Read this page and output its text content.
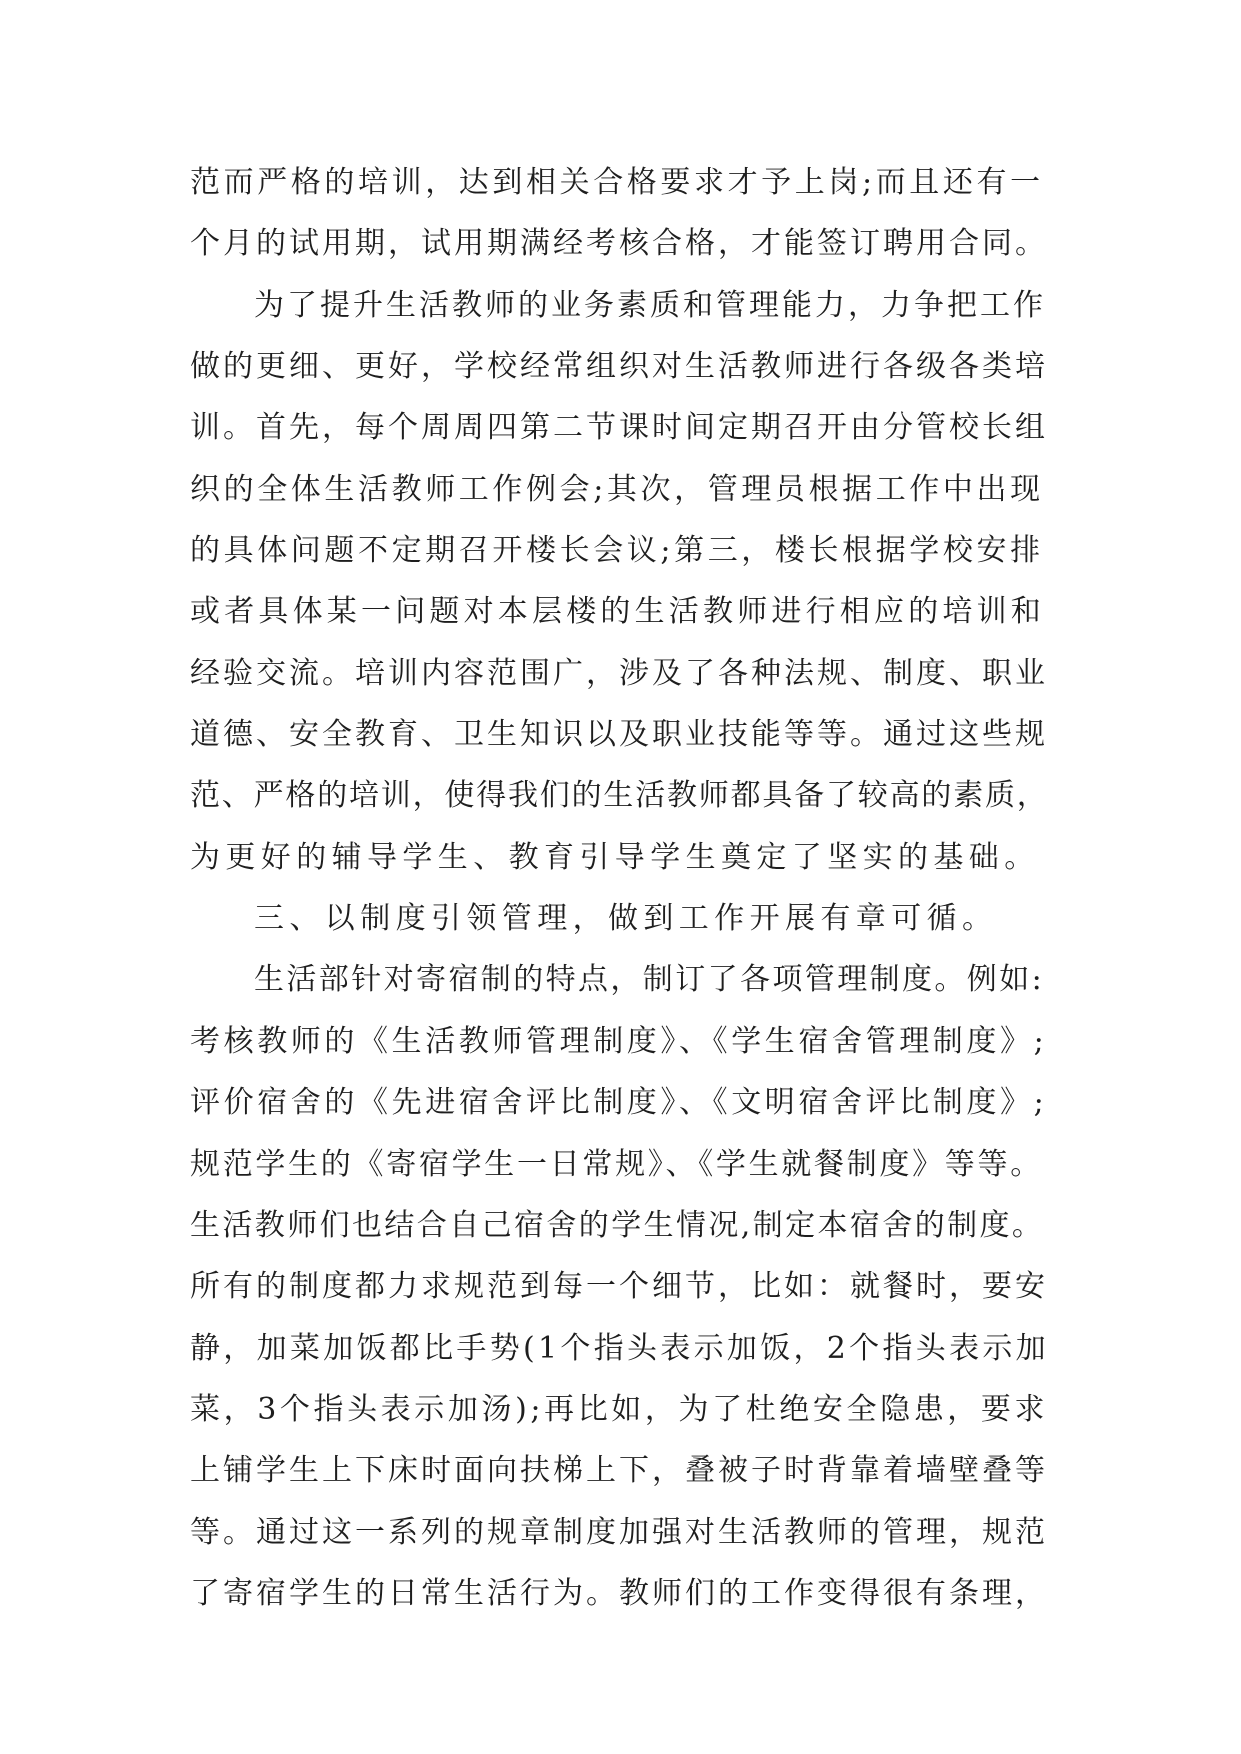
范而严格的培训，达到相关合格要求才予上岗;而且还有一
个月的试用期，试用期满经考核合格，才能签订聘用合同。
为了提升生活教师的业务素质和管理能力，力争把工作
做的更细、更好，学校经常组织对生活教师进行各级各类培
训。首先，每个周周四第二节课时间定期召开由分管校长组
织的全体生活教师工作例会;其次，管理员根据工作中出现
的具体问题不定期召开楼长会议;第三，楼长根据学校安排
或者具体某一问题对本层楼的生活教师进行相应的培训和
经验交流。培训内容范围广，涉及了各种法规、制度、职业
道德、安全教育、卫生知识以及职业技能等等。通过这些规
范、严格的培训，使得我们的生活教师都具备了较高的素质，
为更好的辅导学生、教育引导学生奠定了坚实的基础。
三、以制度引领管理，做到工作开展有章可循。
生活部针对寄宿制的特点，制订了各项管理制度。例如:
考核教师的《生活教师管理制度》、《学生宿舍管理制度》;
评价宿舍的《先进宿舍评比制度》、《文明宿舍评比制度》;
规范学生的《寄宿学生一日常规》、《学生就餐制度》等等。
生活教师们也结合自己宿舍的学生情况,制定本宿舍的制度。
所有的制度都力求规范到每一个细节，比如：就餐时，要安
静，加菜加饭都比手势(1个指头表示加饭，2个指头表示加
菜，3个指头表示加汤);再比如，为了杜绝安全隐患，要求
上铺学生上下床时面向扶梯上下，叠被子时背靠着墙壁叠等
等。通过这一系列的规章制度加强对生活教师的管理，规范
了寄宿学生的日常生活行为。教师们的工作变得很有条理，
